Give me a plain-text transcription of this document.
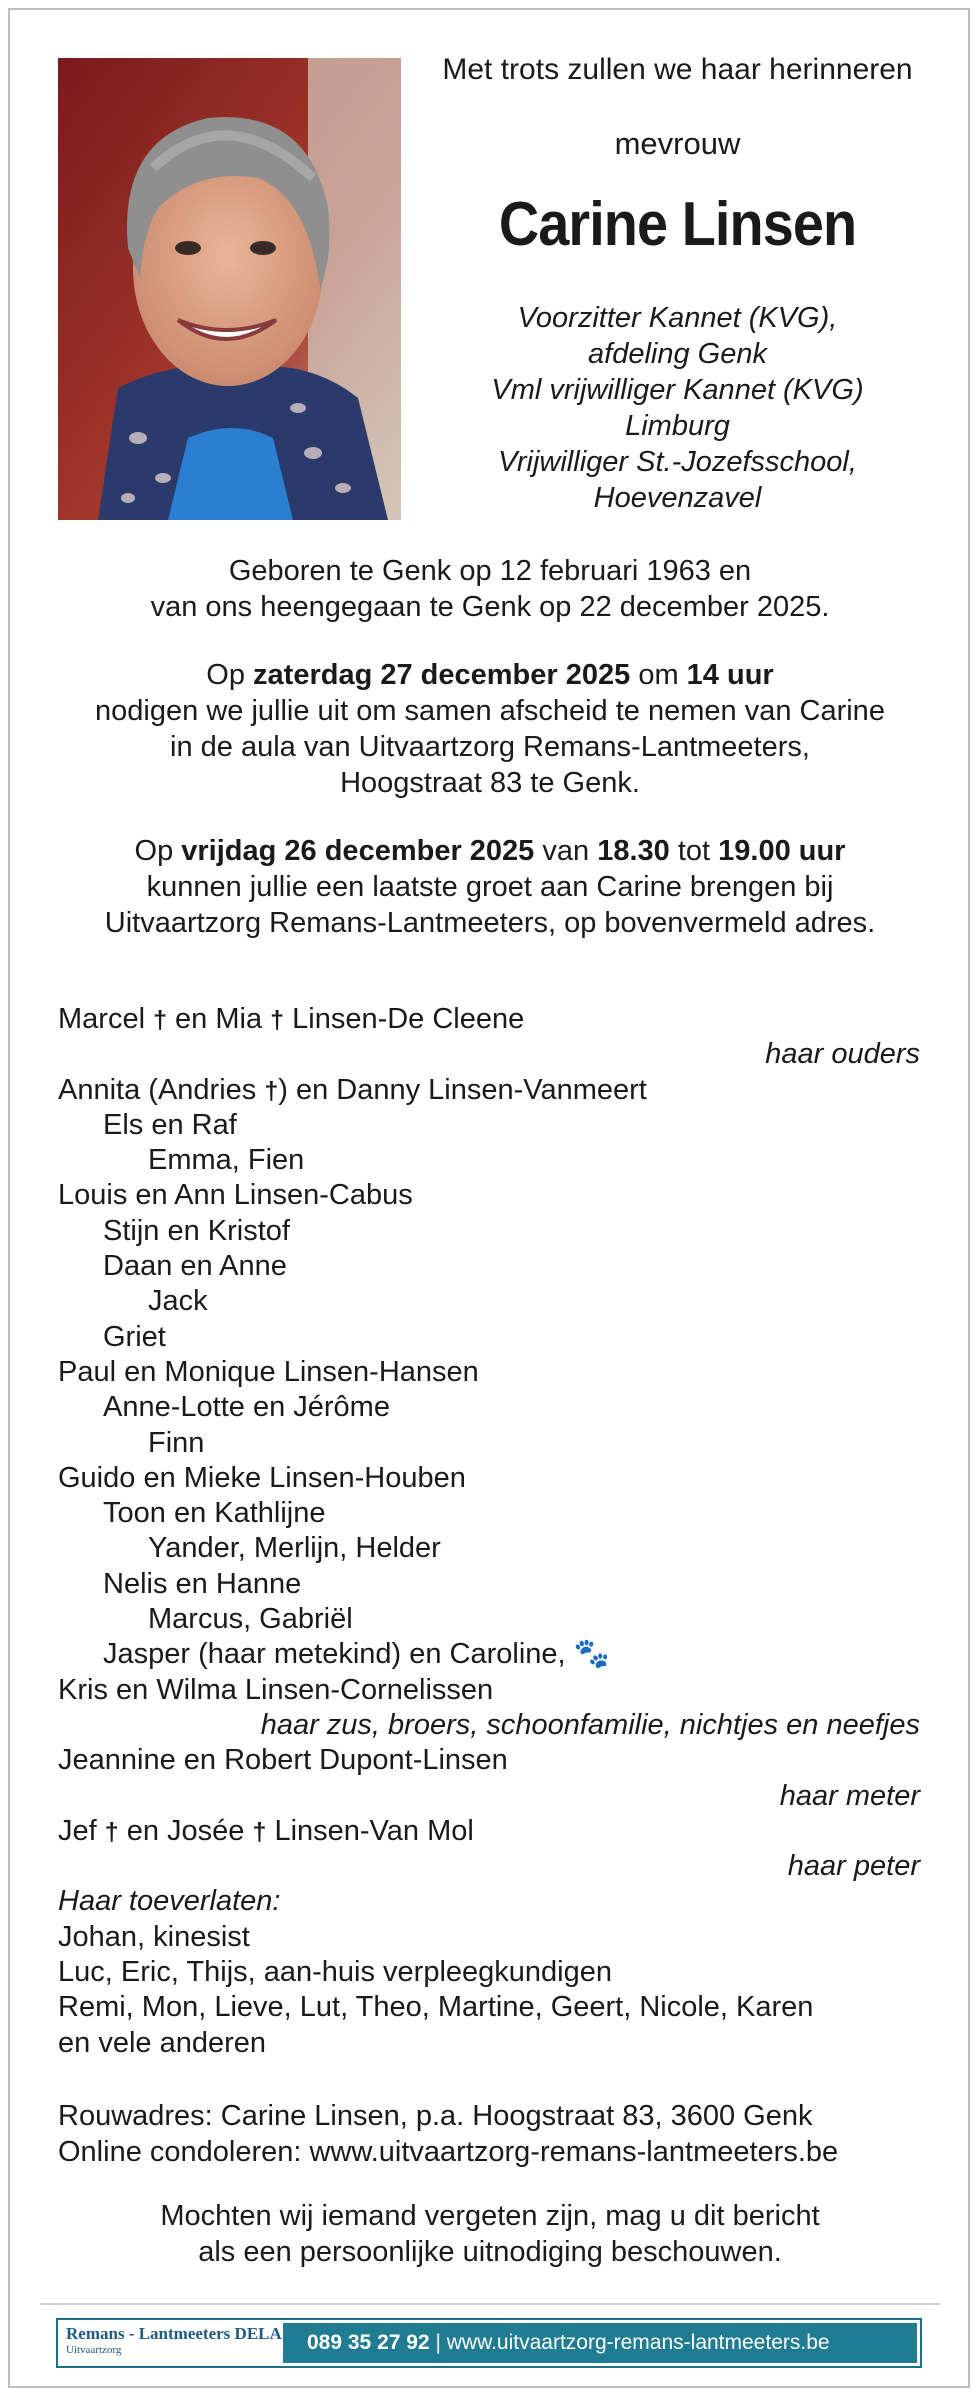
Met trots zullen we haar herinneren
mevrouw
Carine Linsen
Voorzitter Kannet (KVG),
afdeling Genk
Vml vrijwilliger Kannet (KVG)
Limburg
Vrijwilliger St.-Jozefsschool,
Hoevenzavel
Geboren te Genk op 12 februari 1963 en
van ons heengegaan te Genk op 22 december 2025.
Op zaterdag 27 december 2025 om 14 uur
nodigen we jullie uit om samen afscheid te nemen van Carine
in de aula van Uitvaartzorg Remans-Lantmeeters,
Hoogstraat 83 te Genk.
Op vrijdag 26 december 2025 van 18.30 tot 19.00 uur
kunnen jullie een laatste groet aan Carine brengen bij
Uitvaartzorg Remans-Lantmeeters, op bovenvermeld adres.
Marcel † en Mia † Linsen-De Cleene
haar ouders
Annita (Andries †) en Danny Linsen-Vanmeert
Els en Raf
Emma, Fien
Louis en Ann Linsen-Cabus
Stijn en Kristof
Daan en Anne
Jack
Griet
Paul en Monique Linsen-Hansen
Anne-Lotte en Jérôme
Finn
Guido en Mieke Linsen-Houben
Toon en Kathlijne
Yander, Merlijn, Helder
Nelis en Hanne
Marcus, Gabriël
Jasper (haar metekind) en Caroline, 🐾
Kris en Wilma Linsen-Cornelissen
haar zus, broers, schoonfamilie, nichtjes en neefjes
Jeannine en Robert Dupont-Linsen
haar meter
Jef † en Josée † Linsen-Van Mol
haar peter
Haar toeverlaten:
Johan, kinesist
Luc, Eric, Thijs, aan-huis verpleegkundigen
Remi, Mon, Lieve, Lut, Theo, Martine, Geert, Nicole, Karen
en vele anderen
Rouwadres: Carine Linsen, p.a. Hoogstraat 83, 3600 Genk
Online condoleren: www.uitvaartzorg-remans-lantmeeters.be
Mochten wij iemand vergeten zijn, mag u dit bericht
als een persoonlijke uitnodiging beschouwen.
Remans - Lantmeeters DELA
Uitvaartzorg	089 35 27 92 | www.uitvaartzorg-remans-lantmeeters.be
